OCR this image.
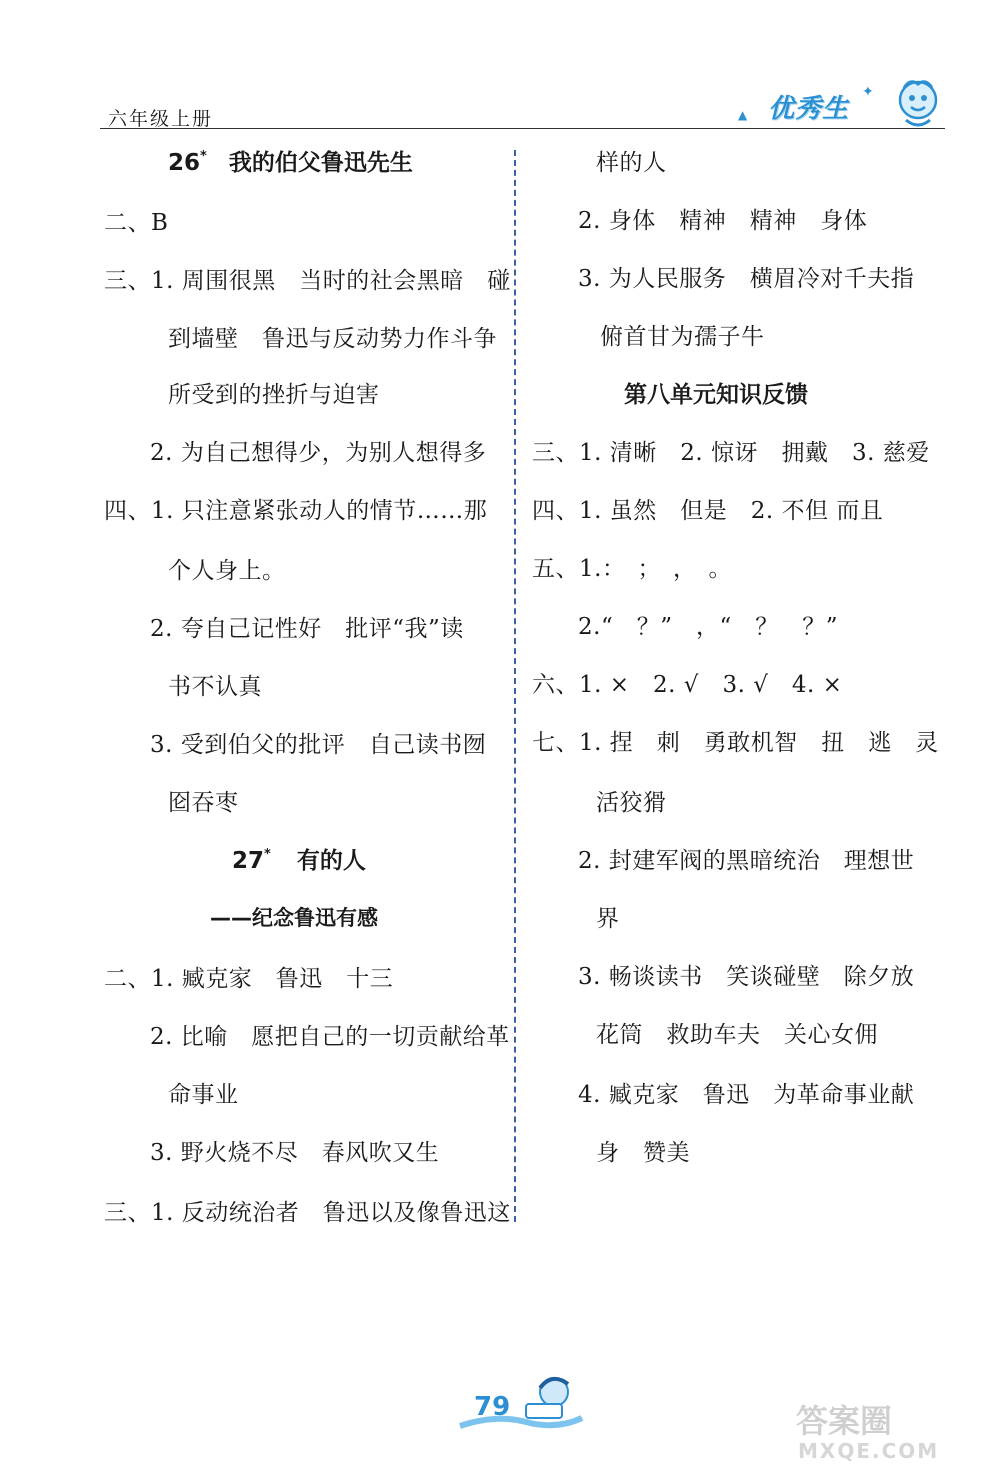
六年级上册	▲ 优秀生
✦
26* 我的伯父鲁迅先生
二、B
三、1. 周围很黑　当时的社会黑暗　碰
到墙壁　鲁迅与反动势力作斗争
所受到的挫折与迫害
2. 为自己想得少，为别人想得多
四、1. 只注意紧张动人的情节……那
个人身上。
2. 夸自己记性好　批评“我”读
书不认真
3. 受到伯父的批评　自己读书囫
囵吞枣
27* 有的人
——纪念鲁迅有感
二、1. 臧克家　鲁迅　十三
2. 比喻　愿把自己的一切贡献给革
命事业
3. 野火烧不尽　春风吹又生
三、1. 反动统治者　鲁迅以及像鲁迅这
样的人
2. 身体　精神　精神　身体
3. 为人民服务　横眉冷对千夫指
俯首甘为孺子牛
第八单元知识反馈
三、1. 清晰　2. 惊讶　拥戴　3. 慈爱
四、1. 虽然　但是　2. 不但 而且
五、1.：　；　，　。
2.“　？”　，“　？　？”
六、1. ×　2. √　3. √　4. ×
七、1. 捏　刺　勇敢机智　扭　逃　灵
活狡猾
2. 封建军阀的黑暗统治　理想世
界
3. 畅谈读书　笑谈碰壁　除夕放
花筒　救助车夫　关心女佣
4. 臧克家　鲁迅　为革命事业献
身　赞美
79	答案圈
MXQE.COM
